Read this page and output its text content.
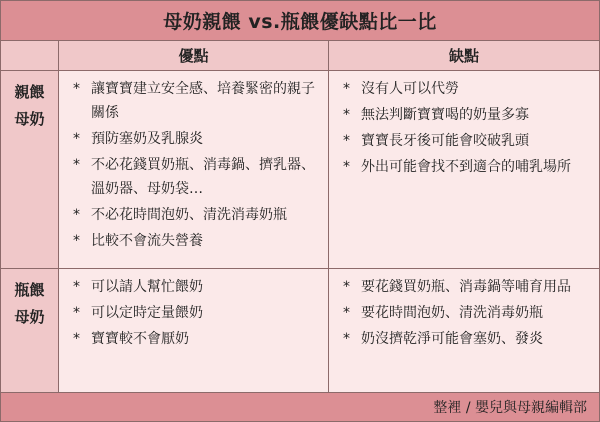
母奶親餵 vs.瓶餵優缺點比一比
優點	缺點
親餵
母奶
* 讓寶寶建立安全感、培養緊密的親子關係
* 預防塞奶及乳腺炎
* 不必花錢買奶瓶、消毒鍋、擠乳器、溫奶器、母奶袋…
* 不必花時間泡奶、清洗消毒奶瓶
* 比較不會流失營養
* 沒有人可以代勞
* 無法判斷寶寶喝的奶量多寡
* 寶寶長牙後可能會咬破乳頭
* 外出可能會找不到適合的哺乳場所
瓶餵
母奶
* 可以請人幫忙餵奶
* 可以定時定量餵奶
* 寶寶較不會厭奶
* 要花錢買奶瓶、消毒鍋等哺育用品
* 要花時間泡奶、清洗消毒奶瓶
* 奶沒擠乾淨可能會塞奶、發炎
整裡 / 嬰兒與母親編輯部
